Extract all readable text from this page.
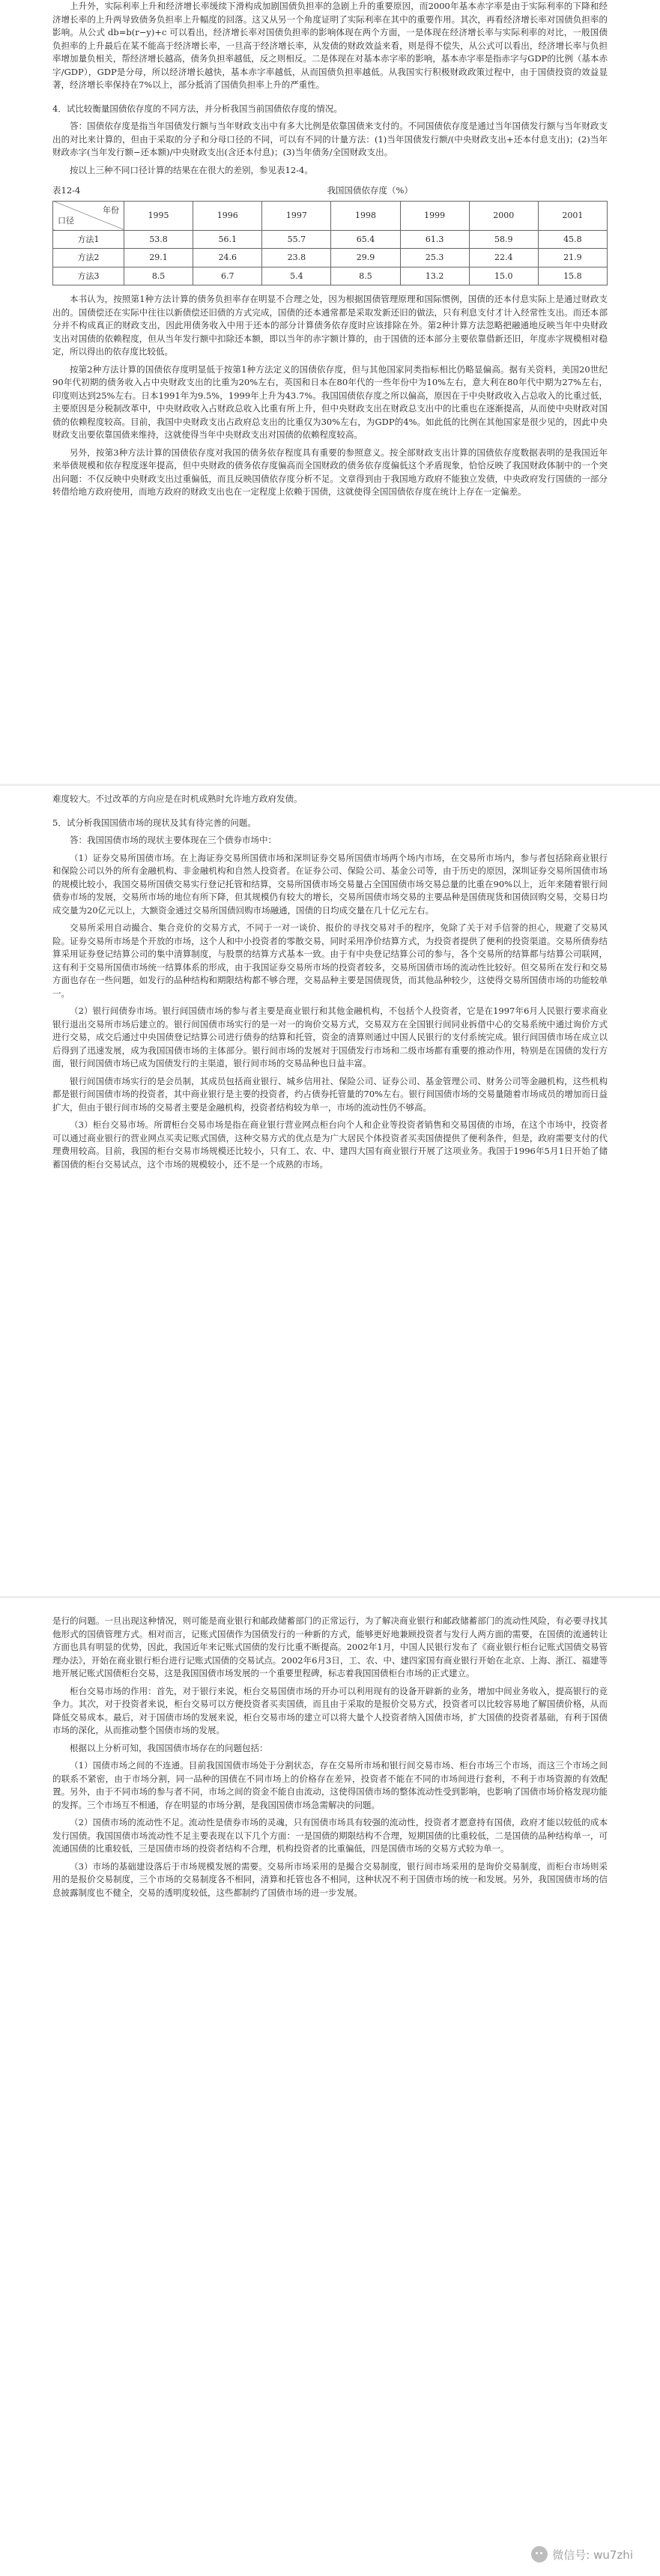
上升外，实际利率上升和经济增长率缓续下滑构成加剧国债负担率的急剧上升的重要原因，而2000年基本赤字率是由于实际利率的下降和经济增长率的上升两导致债务负担率上升幅度的回落。这又从另一个角度证明了实际利率在其中的重要作用。其次，再看经济增长率对国债负担率的影响。从公式 db=b(r−y)+c 可以看出，经济增长率对国债负担率的影响体现在两个方面，一是体现在经济增长率与实际利率的对比，一般国债负担率的上升最后在某不能高于经济增长率，一旦高于经济增长率，从发债的财政效益来看，则是得不偿失，从公式可以看出，经济增长率与负担率增加量负相关，帮经济增长越高，债务负担率越低，反之则相反。二是体现在对基本赤字率的影响，基本赤字率是指赤字与GDP的比例（基本赤字/GDP），GDP是分母，所以经济增长越快，基本赤字率越低，从而国债负担率越低。从我国实行积极财政政策过程中，由于国债投资的效益显著，经济增长率保持在7%以上，部分抵消了国债负担率上升的严重性。

4．试比较衡量国债依存度的不同方法，并分析我国当前国债依存度的情况。

答：国债依存度是指当年国债发行额与当年财政支出中有多大比例是依靠国债来支付的。不同国债依存度是通过当年国债发行额与当年财政支出的对比来计算的，但由于采取的分子和分母口径的不同，可以有不同的计量方法：(1)当年国债发行额/(中央财政支出+还本付息支出)；(2)当年财政赤字(当年发行额−还本额)/中央财政支出(含还本付息)；(3)当年债务/全国财政支出。

按以上三种不同口径计算的结果在在很大的差别，参见表12-4。

表12-4	我国国债依存度（%）
年份
口径	1995	1996	1997	1998	1999	2000	2001
方法1	53.8	56.1	55.7	65.4	61.3	58.9	45.8
方法2	29.1	24.6	23.8	29.9	25.3	22.4	21.9
方法3	8.5	6.7	5.4	8.5	13.2	15.0	15.8

本书认为，按照第1种方法计算的债务负担率存在明显不合理之处，因为根据国债管理原理和国际惯例，国债的还本付息实际上是通过财政支出的。国债偿还在实际中往往以新债偿还旧债的方式完成，国债的还本通常都是采取发新还旧的做法，只有利息支付才计入经常性支出。而还本部分并不构成真正的财政支出，因此用债务收入中用于还本的部分计算债务依存度时应该排除在外。第2种计算方法忽略把融通地反映当年中央财政支出对国债的依赖程度，但从当年发行额中扣除还本额，即以当年的赤字额计算的，由于国债的还本部分主要依靠借新还旧，年度赤字规模相对稳定，所以得出的依存度比较低。

按第2种方法计算的国债依存度明显低于按第1种方法定义的国债依存度，但与其他国家同类指标相比仍略显偏高。据有关资料，美国20世纪90年代初期的债务收入占中央财政支出的比重为20%左右，英国和日本在80年代的一些年份中为10%左右，意大利在80年代中期为27%左右，印度则达到25%左右。日本1991年为9.5%，1999年上升为43.7%。我国国债依存度之所以偏高，原因在于中央财政收入占总收入的比重过低，主要原因是分税制改革中，中央财政收入占财政总收入比重有所上升，但中央财政支出在财政总支出中的比重也在逐渐提高，从而使中央财政对国债的依赖程度较高。目前，我国中央财政支出占政府总支出的比重仅为30%左右，为GDP的4%。如此低的比例在其他国家是很少见的，因此中央财政支出要依靠国债来维持，这就使得当年中央财政支出对国债的依赖程度较高。

另外，按第3种方法计算的国债依存度对我国的债务依存程度具有重要的参照意义。按全部财政支出计算的国债依存度数据表明的是我国近年来举债规模和依存程度逐年提高，但中央财政的债务依存度偏高而全国财政的债务依存度偏低这个矛盾现象，恰恰反映了我国财政体制中的一个突出问题：不仅反映中央财政支出过重偏低，而且反映国债依存度分析不足。文章得到由于我国地方政府不能独立发债，中央政府发行国债的一部分转借给地方政府使用，而地方政府的财政支出也在一定程度上依赖于国债，这就使得全国国债依存度在统计上存在一定偏差。

难度较大。不过改革的方向应是在时机成熟时允许地方政府发债。

5．试分析我国国债市场的现状及其有待完善的问题。

答：我国国债市场的现状主要体现在三个债券市场中：

（1）证券交易所国债市场。在上海证券交易所国债市场和深圳证券交易所国债市场两个场内市场，在交易所市场内，参与者包括除商业银行和保险公司以外的所有金融机构、非金融机构和自然人投资者。在证券公司、保险公司、基金公司等，由于历史的原因，深圳证券交易所国债市场的规模比较小，我国交易所国债交易实行登记托管和结算，交易所国债市场交易量占全国国债市场交易总量的比重在90%以上，近年来随着银行间债券市场的发展，交易所市场的地位有所下降，但其规模仍有较大的增长，交易所国债市场交易的主要品种是国债现货和国债回购交易，交易日均成交量为20亿元以上，大额资金通过交易所国债回购市场融通，国债的日均成交量在几十亿元左右。

交易所采用自动撮合、集合竞价的交易方式，不同于一对一谈价、报价的寻找交易对手的程序，免除了关于对手信誉的担心，规避了交易风险。证券交易所市场是个开放的市场，这个人和中小投资者的零散交易，同时采用净价结算方式，为投资者提供了便利的投资渠道。交易所债券结算采用证券登记结算公司的集中清算制度，与股票的结算方式基本一致。由于有中央登记结算公司的参与，各个交易所的结算都与结算公司联网，这有利于交易所国债市场统一结算体系的形成，由于我国证券交易所市场的投资者较多，交易所国债市场的流动性比较好。但交易所在发行和交易方面也存在一些问题，如发行的品种结构和期限结构都不够合理，交易品种主要是国债现货，而其他品种较少，这使得交易所国债市场的功能较单一。

（2）银行间债券市场。银行间国债市场的参与者主要是商业银行和其他金融机构，不包括个人投资者，它是在1997年6月人民银行要求商业银行退出交易所市场后建立的。银行间国债市场实行的是一对一的询价交易方式，交易双方在全国银行间同业拆借中心的交易系统中通过询价方式进行交易，成交后通过中央国债登记结算公司进行债券的结算和托管，资金的清算则通过中国人民银行的支付系统完成。银行间国债市场在成立以后得到了迅速发展，成为我国国债市场的主体部分。银行间市场的发展对于国债发行市场和二级市场都有重要的推动作用，特别是在国债的发行方面，银行间国债市场已成为国债发行的主渠道，银行间市场的交易品种也日益丰富。

银行间国债市场实行的是会员制，其成员包括商业银行、城乡信用社、保险公司、证券公司、基金管理公司、财务公司等金融机构，这些机构都是银行间国债市场的投资者，其中商业银行是主要的投资者，约占债券托管量的70%左右。银行间国债市场的交易量随着市场成员的增加而日益扩大，但由于银行间市场的交易者主要是金融机构，投资者结构较为单一，市场的流动性仍不够高。

（3）柜台交易市场。所谓柜台交易市场是指在商业银行营业网点柜台向个人和企业等投资者销售和交易国债的市场，在这个市场中，投资者可以通过商业银行的营业网点买卖记账式国债，这种交易方式的优点是为广大居民个体投资者买卖国债提供了便利条件，但是，政府需要支付的代理费用较高。目前，我国的柜台交易市场规模还比较小，只有工、农、中、建四大国有商业银行开展了这项业务。我国于1996年5月1日开始了储蓄国债的柜台交易试点，这个市场的规模较小，还不是一个成熟的市场。

是行的问题。一旦出现这种情况，则可能是商业银行和邮政储蓄部门的正常运行，为了解决商业银行和邮政储蓄部门的流动性风险，有必要寻找其他形式的国债管理方式。相对而言，记账式国债作为国债发行的一种新的方式，能够更好地兼顾投资者与发行人两方面的需要，在国债的流通转让方面也具有明显的优势，因此，我国近年来记账式国债的发行比重不断提高。2002年1月，中国人民银行发布了《商业银行柜台记账式国债交易管理办法》，开始在商业银行柜台进行记账式国债的交易试点。2002年6月3日，工、农、中、建四家国有商业银行开始在北京、上海、浙江、福建等地开展记账式国债柜台交易，这是我国国债市场发展的一个重要里程碑，标志着我国国债柜台市场的正式建立。

柜台交易市场的作用：首先，对于银行来说，柜台交易国债市场的开办可以利用现有的设备开辟新的业务，增加中间业务收入，提高银行的竞争力。其次，对于投资者来说，柜台交易可以方便投资者买卖国债，而且由于采取的是报价交易方式，投资者可以比较容易地了解国债价格，从而降低交易成本。最后，对于国债市场的发展来说，柜台交易市场的建立可以将大量个人投资者纳入国债市场，扩大国债的投资者基础，有利于国债市场的深化，从而推动整个国债市场的发展。

根据以上分析可知，我国国债市场存在的问题包括：

（1）国债市场之间的不连通。目前我国国债市场处于分割状态，存在交易所市场和银行间交易市场、柜台市场三个市场，而这三个市场之间的联系不紧密，由于市场分割，同一品种的国债在不同市场上的价格存在差异，投资者不能在不同的市场间进行套利，不利于市场资源的有效配置。另外，由于不同市场的参与者不同，市场之间的资金不能自由流动，这使得国债市场的整体流动性受到影响，也影响了国债市场价格发现功能的发挥。三个市场互不相通，存在明显的市场分割，是我国国债市场急需解决的问题。

（2）国债市场的流动性不足。流动性是债券市场的灵魂，只有国债市场具有较强的流动性，投资者才愿意持有国债，政府才能以较低的成本发行国债。我国国债市场流动性不足主要表现在以下几个方面：一是国债的期限结构不合理，短期国债的比重较低，二是国债的品种结构单一，可流通国债的比重较低，三是国债市场的投资者结构不合理，机构投资者的比重偏低，四是国债市场的交易方式较为单一。

（3）市场的基础建设落后于市场规模发展的需要。交易所市场采用的是撮合交易制度，银行间市场采用的是询价交易制度，而柜台市场则采用的是报价交易制度，三个市场的交易制度各不相同，清算和托管也各不相同，这种状况不利于国债市场的统一和发展。另外，我国国债市场的信息披露制度也不健全，交易的透明度较低，这些都制约了国债市场的进一步发展。

微信号: wu7zhi
